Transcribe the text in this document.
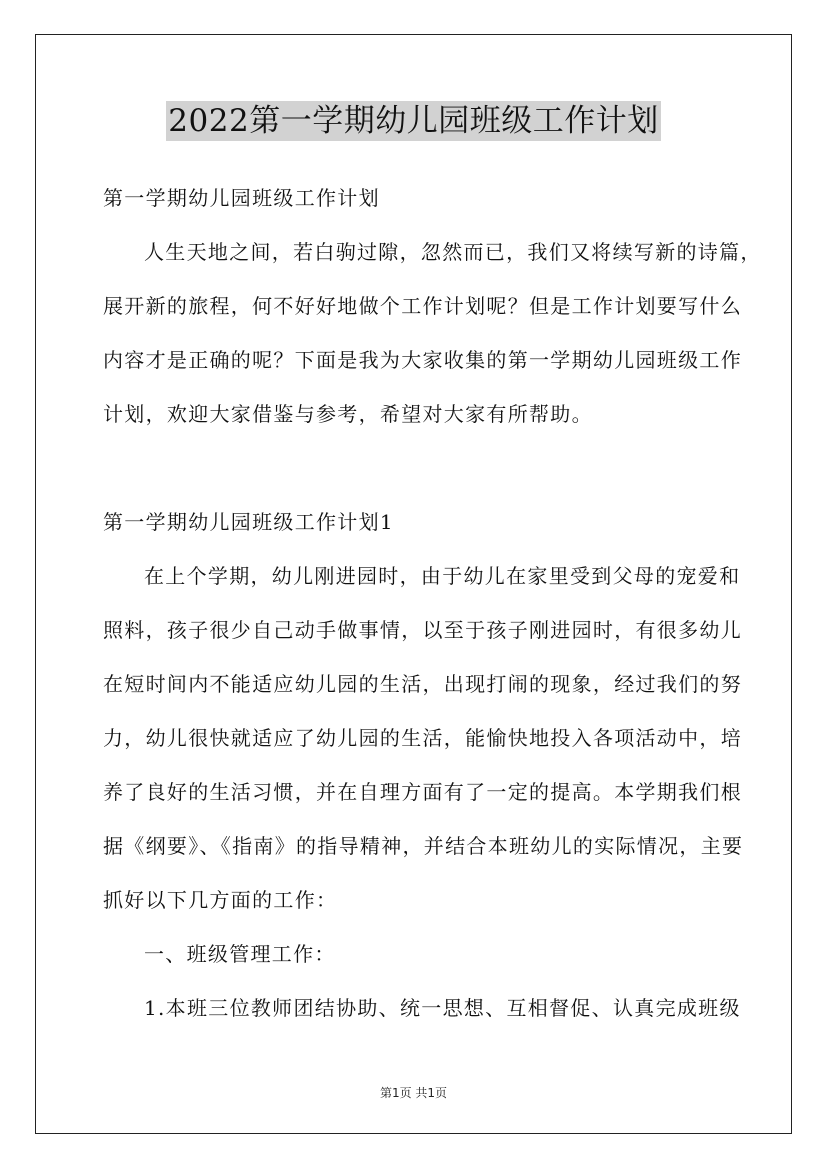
2022第一学期幼儿园班级工作计划
第一学期幼儿园班级工作计划
人生天地之间，若白驹过隙，忽然而已，我们又将续写新的诗篇，
展开新的旅程，何不好好地做个工作计划呢？但是工作计划要写什么
内容才是正确的呢？下面是我为大家收集的第一学期幼儿园班级工作
计划，欢迎大家借鉴与参考，希望对大家有所帮助。
第一学期幼儿园班级工作计划1
在上个学期，幼儿刚进园时，由于幼儿在家里受到父母的宠爱和
照料，孩子很少自己动手做事情，以至于孩子刚进园时，有很多幼儿
在短时间内不能适应幼儿园的生活，出现打闹的现象，经过我们的努
力，幼儿很快就适应了幼儿园的生活，能愉快地投入各项活动中，培
养了良好的生活习惯，并在自理方面有了一定的提高。本学期我们根
据《纲要》、《指南》的指导精神，并结合本班幼儿的实际情况，主要
抓好以下几方面的工作：
一、班级管理工作：
1.本班三位教师团结协助、统一思想、互相督促、认真完成班级
第1页 共1页
